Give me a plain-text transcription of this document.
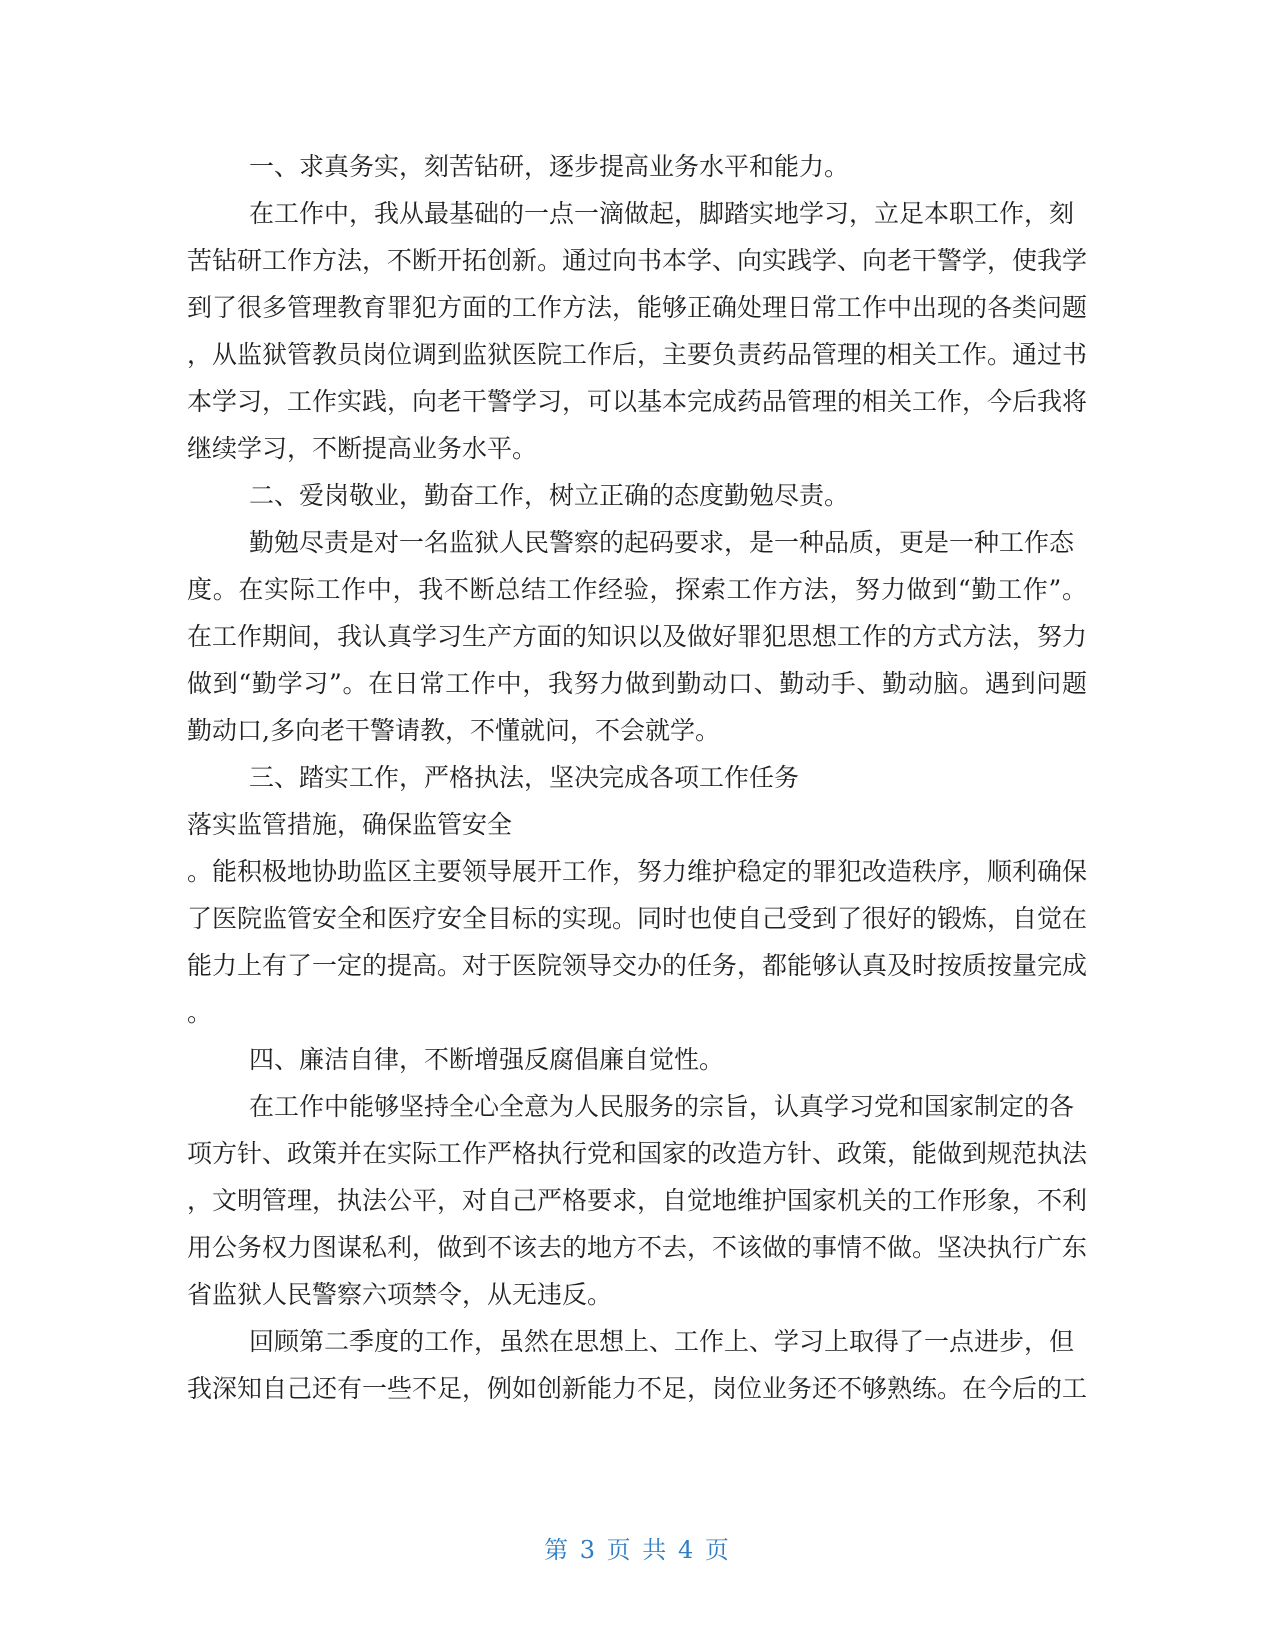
一、求真务实，刻苦钻研，逐步提高业务水平和能力。
在工作中，我从最基础的一点一滴做起，脚踏实地学习，立足本职工作，刻
苦钻研工作方法，不断开拓创新。通过向书本学、向实践学、向老干警学，使我学
到了很多管理教育罪犯方面的工作方法，能够正确处理日常工作中出现的各类问题
，从监狱管教员岗位调到监狱医院工作后，主要负责药品管理的相关工作。通过书
本学习，工作实践，向老干警学习，可以基本完成药品管理的相关工作，今后我将
继续学习，不断提高业务水平。
二、爱岗敬业，勤奋工作，树立正确的态度勤勉尽责。
勤勉尽责是对一名监狱人民警察的起码要求，是一种品质，更是一种工作态
度。在实际工作中，我不断总结工作经验，探索工作方法，努力做到“勤工作”。
在工作期间，我认真学习生产方面的知识以及做好罪犯思想工作的方式方法，努力
做到“勤学习”。在日常工作中，我努力做到勤动口、勤动手、勤动脑。遇到问题
勤动口,多向老干警请教，不懂就问，不会就学。
三、踏实工作，严格执法，坚决完成各项工作任务
落实监管措施，确保监管安全
。能积极地协助监区主要领导展开工作，努力维护稳定的罪犯改造秩序，顺利确保
了医院监管安全和医疗安全目标的实现。同时也使自己受到了很好的锻炼，自觉在
能力上有了一定的提高。对于医院领导交办的任务，都能够认真及时按质按量完成
。
四、廉洁自律，不断增强反腐倡廉自觉性。
在工作中能够坚持全心全意为人民服务的宗旨，认真学习党和国家制定的各
项方针、政策并在实际工作严格执行党和国家的改造方针、政策，能做到规范执法
，文明管理，执法公平，对自己严格要求，自觉地维护国家机关的工作形象，不利
用公务权力图谋私利，做到不该去的地方不去，不该做的事情不做。坚决执行广东
省监狱人民警察六项禁令，从无违反。
回顾第二季度的工作，虽然在思想上、工作上、学习上取得了一点进步，但
我深知自己还有一些不足，例如创新能力不足，岗位业务还不够熟练。在今后的工
第 3 页 共 4 页
